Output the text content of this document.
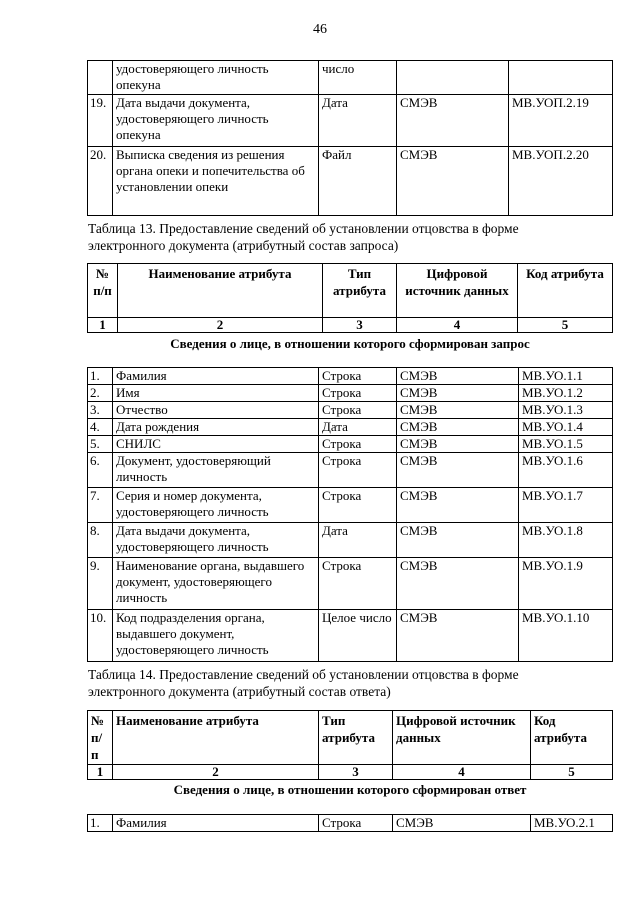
46
	удостоверяющего личность опекуна	число		
19.	Дата выдачи документа, удостоверяющего личность опекуна	Дата	СМЭВ	МВ.УОП.2.19
20.	Выписка сведения из решения органа опеки и попечительства об установлении опеки	Файл	СМЭВ	МВ.УОП.2.20
Таблица 13. Предоставление сведений об установлении отцовства в форме электронного документа (атрибутный состав запроса)
№ п/п	Наименование атрибута	Тип атрибута	Цифровой источник данных	Код атрибута
1	2	3	4	5
Сведения о лице, в отношении которого сформирован запрос
1.	Фамилия	Строка	СМЭВ	МВ.УО.1.1
2.	Имя	Строка	СМЭВ	МВ.УО.1.2
3.	Отчество	Строка	СМЭВ	МВ.УО.1.3
4.	Дата рождения	Дата	СМЭВ	МВ.УО.1.4
5.	СНИЛС	Строка	СМЭВ	МВ.УО.1.5
6.	Документ, удостоверяющий личность	Строка	СМЭВ	МВ.УО.1.6
7.	Серия и номер документа, удостоверяющего личность	Строка	СМЭВ	МВ.УО.1.7
8.	Дата выдачи документа, удостоверяющего личность	Дата	СМЭВ	МВ.УО.1.8
9.	Наименование органа, выдавшего документ, удостоверяющего личность	Строка	СМЭВ	МВ.УО.1.9
10.	Код подразделения органа, выдавшего документ, удостоверяющего личность	Целое число	СМЭВ	МВ.УО.1.10
Таблица 14. Предоставление сведений об установлении отцовства в форме электронного документа (атрибутный состав ответа)
№ п/п	Наименование атрибута	Тип атрибута	Цифровой источник данных	Код атрибута
1	2	3	4	5
Сведения о лице, в отношении которого сформирован ответ
1.	Фамилия	Строка	СМЭВ	МВ.УО.2.1
